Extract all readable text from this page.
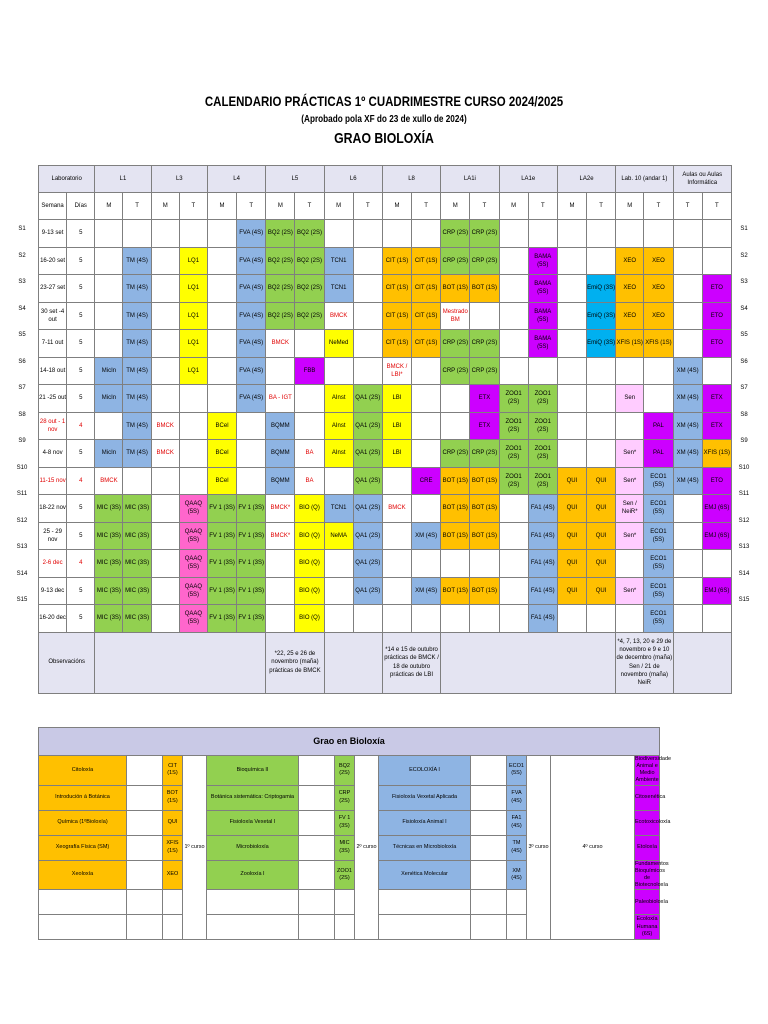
CALENDARIO PRÁCTICAS 1º CUADRIMESTRE CURSO 2024/2025
(Aprobado pola XF do 23 de xullo de 2024)
GRAO BIOLOXÍA
Laboratorio		L1		L3		L4		L5		L6		L8		LA1i		LA1e		LA2e		Lab. 10 (andar 1)		Aulas ou Aulas Informática	
Semana	Días	M	T	M	T	M	T	M	T	M	T	M	T	M	T	M	T	M	T	M	T	T	T
9-13 set	5						FVA (4S)	BQ2 (2S)	BQ2 (2S)					CRP (2S)	CRP (2S)								
16-20 set	5		TM (4S)		LQ1		FVA (4S)	BQ2 (2S)	BQ2 (2S)	TCN1		CIT (1S)	CIT (1S)	CRP (2S)	CRP (2S)		BAMA (5S)			XEO	XEO		
23-27 set	5		TM (4S)		LQ1		FVA (4S)	BQ2 (2S)	BQ2 (2S)	TCN1		CIT (1S)	CIT (1S)	BOT (1S)	BOT (1S)		BAMA (5S)		EmiQ (3S)	XEO	XEO		ETO
30 set -4 out	5		TM (4S)		LQ1		FVA (4S)	BQ2 (2S)	BQ2 (2S)	BMCK		CIT (1S)	CIT (1S)	Mestrado BM			BAMA (5S)		EmiQ (3S)	XEO	XEO		ETO
7-11 out	5		TM (4S)		LQ1		FVA (4S)	BMCK		NeMed		CIT (1S)	CIT (1S)	CRP (2S)	CRP (2S)		BAMA (5S)		EmiQ (3S)	XFIS (1S)	XFIS (1S)		ETO
14-18 out	5	MicIn	TM (4S)		LQ1		FVA (4S)		FBB			BMCK / LBI*		CRP (2S)	CRP (2S)							XM (4S)	
21 -25 out	5	MicIn	TM (4S)				FVA (4S)	BA - IGT		AInst	QA1 (2S)	LBI			ETX	ZOO1 (2S)	ZOO1 (2S)			Sen		XM (4S)	ETX
28 out - 1 nov	4		TM (4S)	BMCK		BCel		BQMM		AInst	QA1 (2S)	LBI			ETX	ZOO1 (2S)	ZOO1 (2S)				PAL	XM (4S)	ETX
4-8 nov	5	MicIn	TM (4S)	BMCK		BCel		BQMM	BA	AInst	QA1 (2S)	LBI		CRP (2S)	CRP (2S)	ZOO1 (2S)	ZOO1 (2S)			Sen*	PAL	XM (4S)	XFIS (1S)
11-15 nov	4	BMCK				BCel		BQMM	BA		QA1 (2S)		CRE	BOT (1S)	BOT (1S)	ZOO1 (2S)	ZOO1 (2S)	QUI	QUI	Sen*	ECO1 (5S)	XM (4S)	ETO
18-22 nov	5	MIC (3S)	MIC (3S)		QAAQ (5S)	FV 1 (3S)	FV 1 (3S)	BMCK*	BIO (Q)	TCN1	QA1 (2S)	BMCK		BOT (1S)	BOT (1S)		FA1 (4S)	QUI	QUI	Sen / NeiR*	ECO1 (5S)		EMJ (6S)
25 - 29 nov	5	MIC (3S)	MIC (3S)		QAAQ (5S)	FV 1 (3S)	FV 1 (3S)	BMCK*	BIO (Q)	NeMA	QA1 (2S)		XM (4S)	BOT (1S)	BOT (1S)		FA1 (4S)	QUI	QUI	Sen*	ECO1 (5S)		EMJ (6S)
2-6 dec	4	MIC (3S)	MIC (3S)		QAAQ (5S)	FV 1 (3S)	FV 1 (3S)		BIO (Q)		QA1 (2S)						FA1 (4S)	QUI	QUI		ECO1 (5S)		
9-13 dec	5	MIC (3S)	MIC (3S)		QAAQ (5S)	FV 1 (3S)	FV 1 (3S)		BIO (Q)		QA1 (2S)		XM (4S)	BOT (1S)	BOT (1S)		FA1 (4S)	QUI	QUI	Sen*	ECO1 (5S)		EMJ (6S)
16-20 dec	5	MIC (3S)	MIC (3S)		QAAQ (5S)	FV 1 (3S)	FV 1 (3S)		BIO (Q)								FA1 (4S)				ECO1 (5S)		
Observacións								*22, 25 e 26 de novembro (maña) prácticas de BMCK				*14 e 15 de outubro prácticas de BMCK / 18 de outubro prácticas de LBI								*4, 7, 13, 20 e 29 de novembro e 9 e 10 de decembro (maña) Sen / 21 de novembro (maña) NeiR			
S1	S1
S2	S2
S3	S3
S4	S4
S5	S5
S6	S6
S7	S7
S8	S8
S9	S9
S10	S10
S11	S11
S12	S12
S13	S13
S14	S14
S15	S15
Grao en Bioloxía														
Citoloxía		CIT (1S)	1º curso	Bioquímica II		BQ2 (2S)	2º curso	ECOLOXÍA I		ECO1 (5S)	3º curso	4º curso	Biodiversidade Animal e Medio Ambiente	
Introdución á Botánica		BOT (1S)		Botánica sistemática: Criptogamia		CRP (2S)		Fisioloxía Vexetal Aplicada		FVA (4S)			Citoxenética	
Química (1ºBioloxía)		QUI		Fisioloxía Vexetal I		FV 1 (3S)		Fisioloxía Animal I		FA1 (4S)			Ecotoxicoloxía	
Xeografía Física (SM)		XFIS (1S)		Microbioloxía		MIC (3S)		Técnicas en Microbioloxía		TM (4S)			Etoloxía	
Xeoloxía		XEO		Zooloxía I		ZOO1 (2S)		Xenética Molecular		XM (4S)			Fundamentos Bioquímicos de Biotecnoloxía	
													Paleobioloxía	
													Ecoloxía Humana (6S)	
